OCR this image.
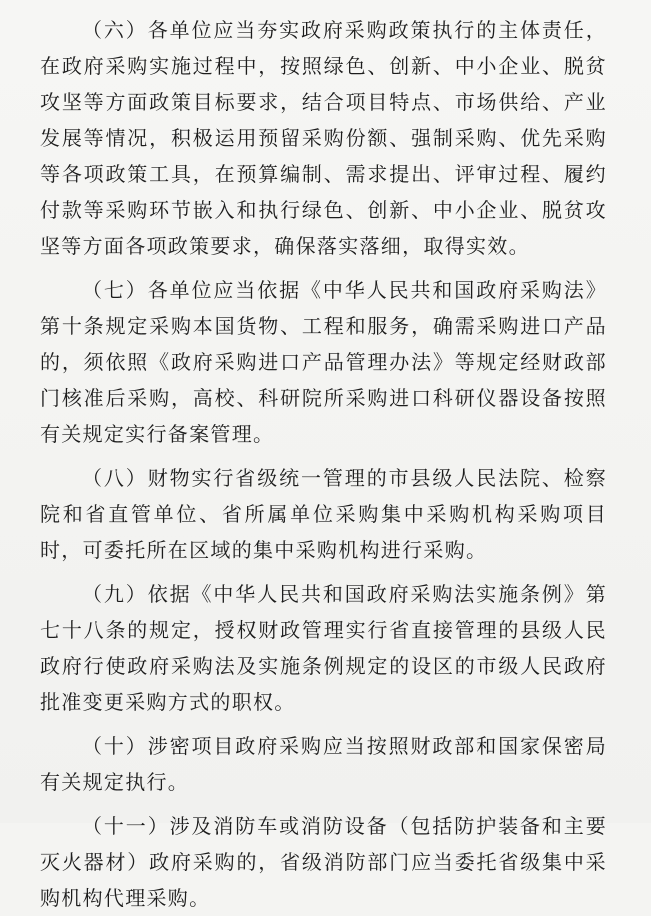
（六）各单位应当夯实政府采购政策执行的主体责任，在政府采购实施过程中，按照绿色、创新、中小企业、脱贫攻坚等方面政策目标要求，结合项目特点、市场供给、产业发展等情况，积极运用预留采购份额、强制采购、优先采购等各项政策工具，在预算编制、需求提出、评审过程、履约付款等采购环节嵌入和执行绿色、创新、中小企业、脱贫攻坚等方面各项政策要求，确保落实落细，取得实效。

（七）各单位应当依据《中华人民共和国政府采购法》第十条规定采购本国货物、工程和服务，确需采购进口产品的，须依照《政府采购进口产品管理办法》等规定经财政部门核准后采购，高校、科研院所采购进口科研仪器设备按照有关规定实行备案管理。

（八）财物实行省级统一管理的市县级人民法院、检察院和省直管单位、省所属单位采购集中采购机构采购项目时，可委托所在区域的集中采购机构进行采购。

（九）依据《中华人民共和国政府采购法实施条例》第七十八条的规定，授权财政管理实行省直接管理的县级人民政府行使政府采购法及实施条例规定的设区的市级人民政府批准变更采购方式的职权。

（十）涉密项目政府采购应当按照财政部和国家保密局有关规定执行。

（十一）涉及消防车或消防设备（包括防护装备和主要灭火器材）政府采购的，省级消防部门应当委托省级集中采购机构代理采购。
